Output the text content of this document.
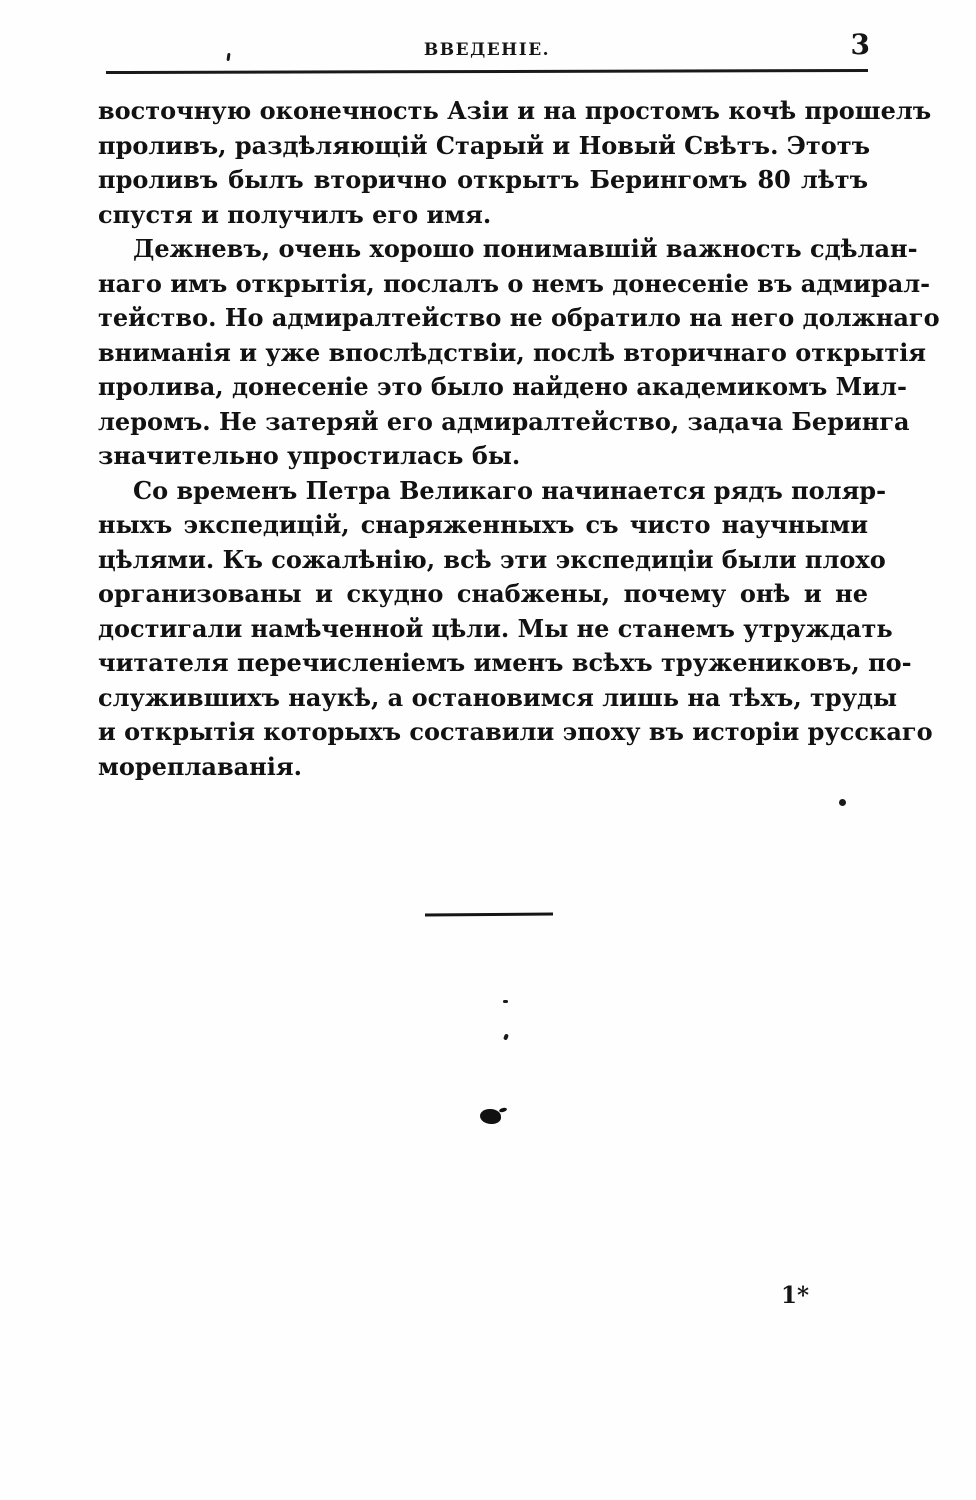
ВВЕДЕНІЕ.	3
восточную оконечность Азіи и на простомъ кочѣ прошелъ
проливъ, раздѣляющій Старый и Новый Свѣтъ. Этотъ
проливъ былъ вторично открытъ Берингомъ 80 лѣтъ
спустя и получилъ его имя.
Дежневъ, очень хорошо понимавшій важность сдѣлан-
наго имъ открытія, послалъ о немъ донесеніе въ адмирал-
тейство. Но адмиралтейство не обратило на него должнаго
вниманія и уже впослѣдствіи, послѣ вторичнаго открытія
пролива, донесеніе это было найдено академикомъ Мил-
леромъ. Не затеряй его адмиралтейство, задача Беринга
значительно упростилась бы.
Со временъ Петра Великаго начинается рядъ поляр-
ныхъ экспедицій, снаряженныхъ съ чисто научными
цѣлями. Къ сожалѣнію, всѣ эти экспедиціи были плохо
организованы и скудно снабжены, почему онѣ и не
достигали намѣченной цѣли. Мы не станемъ утруждать
читателя перечисленіемъ именъ всѣхъ тружениковъ, по-
служившихъ наукѣ, а остановимся лишь на тѣхъ, труды
и открытія которыхъ составили эпоху въ исторіи русскаго
мореплаванія.
1*
